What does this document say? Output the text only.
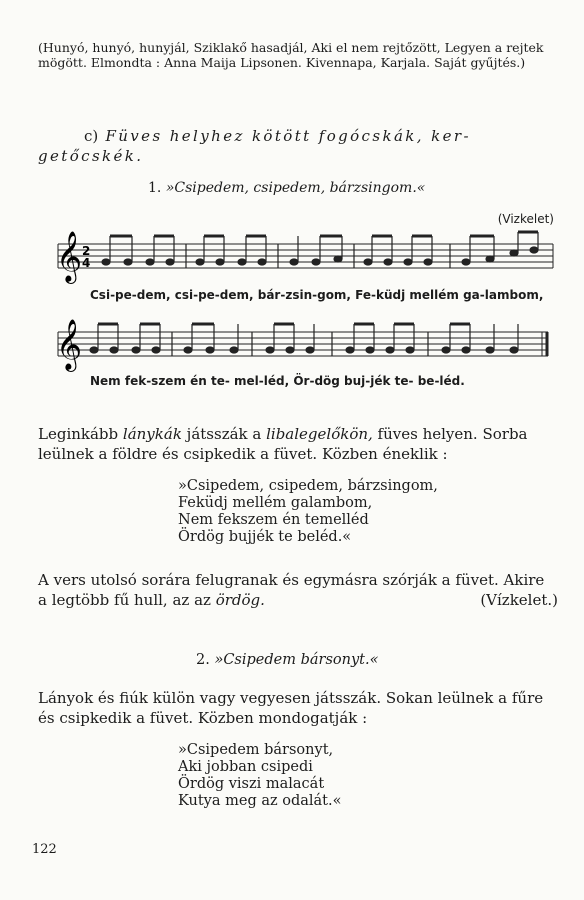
(Hunyó, hunyó, hunyjál, Sziklakő hasadjál, Aki el nem rejtőzött, Legyen a rejtek mögött. Elmondta : Anna Maija Lipsonen. Kivennapa, Karjala. Saját gyűjtés.)
c) Füves helyhez kötött fogócskák, ker-
getőcskék.
1. »Csipedem, csipedem, bárzsingom.«
(Vizkelet)
𝄞 2
4
Csi-pe-dem, csi-pe-dem, bár-zsin-gom, Fe-küdj mellém ga-lambom,
𝄞
Nem fek-szem én te- mel-léd, Ör-dög buj-jék te- be-léd.
Leginkább lánykák játsszák a libalegelőkön, füves helyen. Sorba leülnek a földre és csipkedik a füvet. Közben éneklik :
»Csipedem, csipedem, bárzsingom,
Feküdj mellém galambom,
Nem fekszem én temelléd
Ördög bujjék te beléd.«
A vers utolsó sorára felugranak és egymásra szórják a füvet. Akire
a legtöbb fű hull, az az ördög.	(Vízkelet.)
2. »Csipedem bársonyt.«
Lányok és fiúk külön vagy vegyesen játsszák. Sokan leülnek a fűre és csipkedik a füvet. Közben mondogatják :
»Csipedem bársonyt,
Aki jobban csipedi
Ördög viszi malacát
Kutya meg az odalát.«
122
